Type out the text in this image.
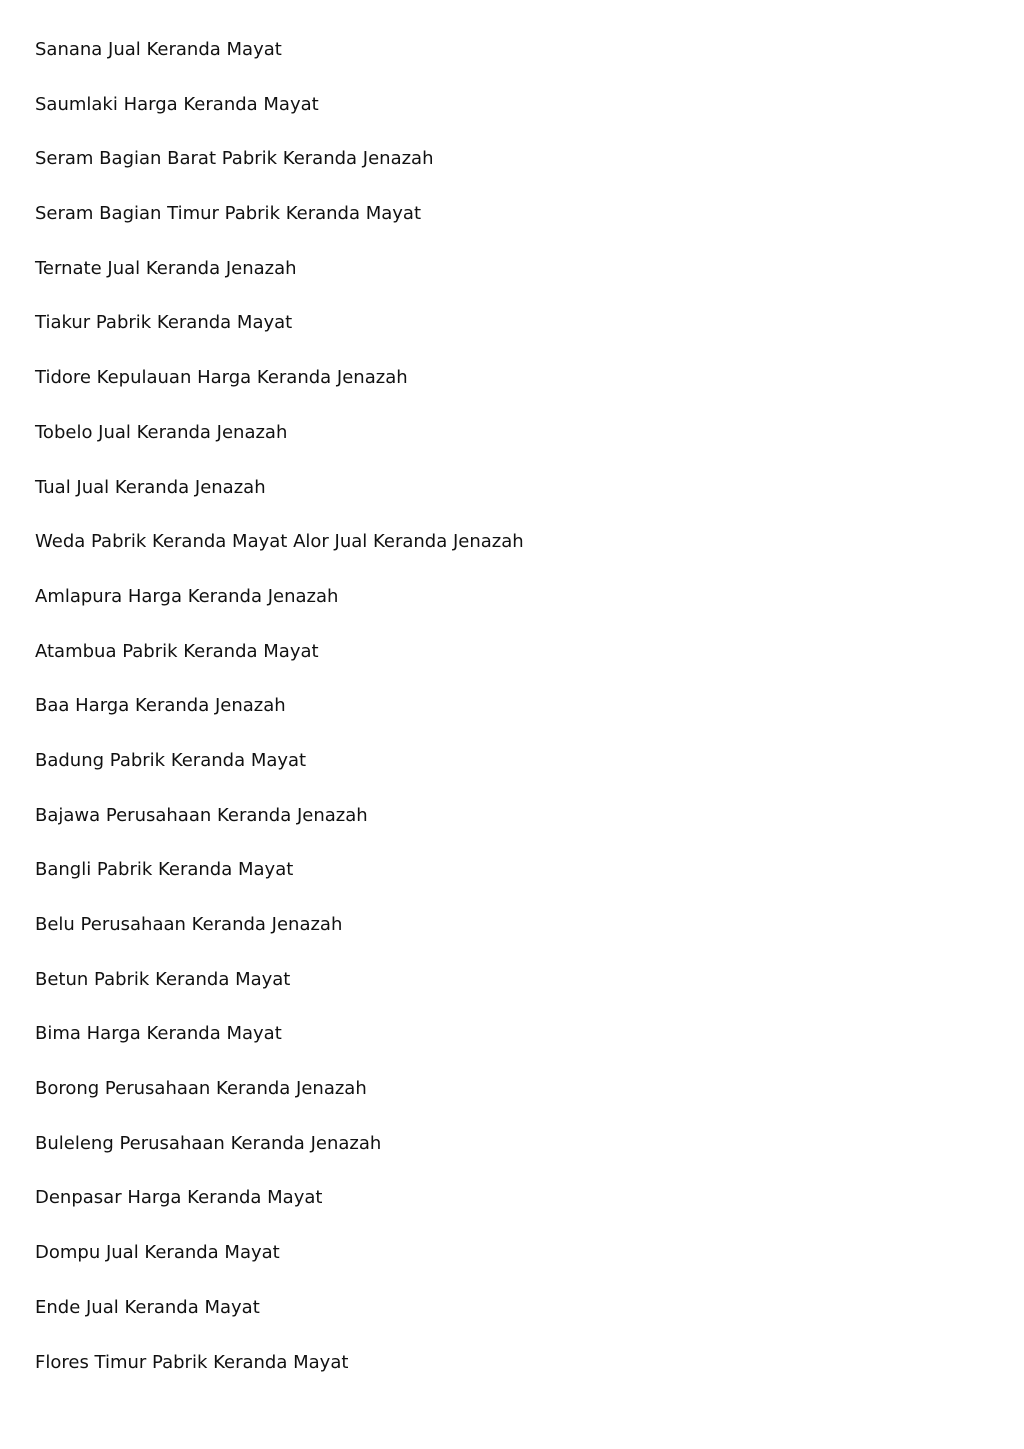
Sanana Jual Keranda Mayat
Saumlaki Harga Keranda Mayat
Seram Bagian Barat Pabrik Keranda Jenazah
Seram Bagian Timur Pabrik Keranda Mayat
Ternate Jual Keranda Jenazah
Tiakur Pabrik Keranda Mayat
Tidore Kepulauan Harga Keranda Jenazah
Tobelo Jual Keranda Jenazah
Tual Jual Keranda Jenazah
Weda Pabrik Keranda Mayat Alor Jual Keranda Jenazah
Amlapura Harga Keranda Jenazah
Atambua Pabrik Keranda Mayat
Baa Harga Keranda Jenazah
Badung Pabrik Keranda Mayat
Bajawa Perusahaan Keranda Jenazah
Bangli Pabrik Keranda Mayat
Belu Perusahaan Keranda Jenazah
Betun Pabrik Keranda Mayat
Bima Harga Keranda Mayat
Borong Perusahaan Keranda Jenazah
Buleleng Perusahaan Keranda Jenazah
Denpasar Harga Keranda Mayat
Dompu Jual Keranda Mayat
Ende Jual Keranda Mayat
Flores Timur Pabrik Keranda Mayat
